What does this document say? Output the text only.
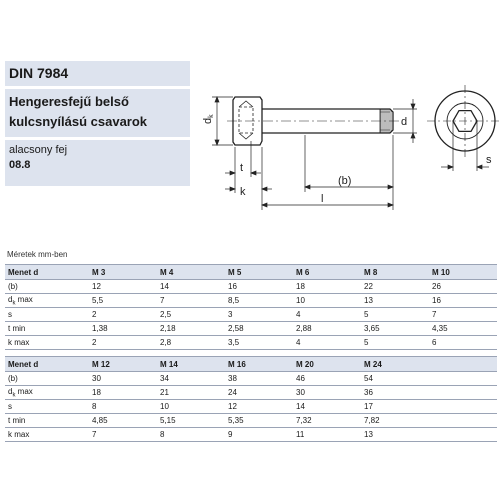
DIN 7984
Hengeresfejű belső
kulcsnyílású csavarok
alacsony fej
08.8
dk	d
t
k
(b)
l
s
Méretek mm-ben
Menet d	M 3	M 4	M 5	M 6	M 8	M 10
(b)	12	14	16	18	22	26
$d_k$ max	5,5	7	8,5	10	13	16
s	2	2,5	3	4	5	7
t min	1,38	2,18	2,58	2,88	3,65	4,35
k max	2	2,8	3,5	4	5	6
Menet d	M 12	M 14	M 16	M 20	M 24	
(b)	30	34	38	46	54	
$d_k$ max	18	21	24	30	36	
s	8	10	12	14	17	
t min	4,85	5,15	5,35	7,32	7,82	
k max	7	8	9	11	13	
